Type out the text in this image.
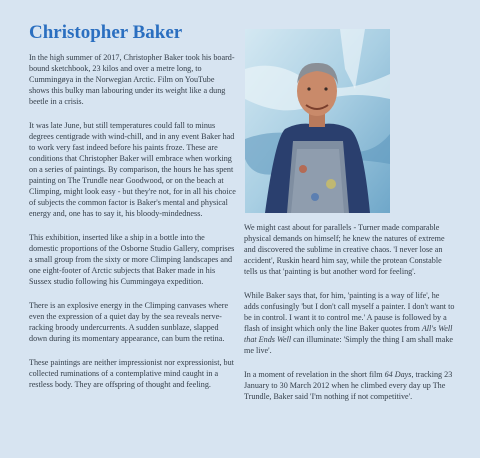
Christopher Baker

In the high summer of 2017, Christopher Baker took his board-bound sketchbook, 23 kilos and over a metre long, to Cummingøya in the Norwegian Arctic. Film on YouTube shows this bulky man labouring under its weight like a dung beetle in a crisis.

It was late June, but still temperatures could fall to minus degrees centigrade with wind-chill, and in any event Baker had to work very fast indeed before his paints froze. These are conditions that Christopher Baker will embrace when working on a series of paintings. By comparison, the hours he has spent painting on The Trundle near Goodwood, or on the beach at Climping, might look easy - but they're not, for in all his choice of subjects the common factor is Baker's mental and physical energy and, one has to say it, his bloody-mindedness.

This exhibition, inserted like a ship in a bottle into the domestic proportions of the Osborne Studio Gallery, comprises a small group from the sixty or more Climping landscapes and one eight-footer of Arctic subjects that Baker made in his Sussex studio following his Cummingøya expedition.

There is an explosive energy in the Climping canvases where even the expression of a quiet day by the sea reveals nerve-racking broody undercurrents. A sudden sunblaze, slapped down during its momentary appearance, can burn the retina.

These paintings are neither impressionist nor expressionist, but collected ruminations of a contemplative mind caught in a restless body. They are offspring of thought and feeling.

We might cast about for parallels - Turner made comparable physical demands on himself; he knew the natures of extreme and discovered the sublime in creative chaos. 'I never lose an accident', Ruskin heard him say, while the protean Constable tells us that 'painting is but another word for feeling'.

While Baker says that, for him, 'painting is a way of life', he adds confusingly 'but I don't call myself a painter. I don't want to be in control. I want it to control me.' A pause is followed by a flash of insight which only the line Baker quotes from All's Well that Ends Well can illuminate: 'Simply the thing I am shall make me live'.

In a moment of revelation in the short film 64 Days, tracking 23 January to 30 March 2012 when he climbed every day up The Trundle, Baker said 'I'm nothing if not competitive'.
